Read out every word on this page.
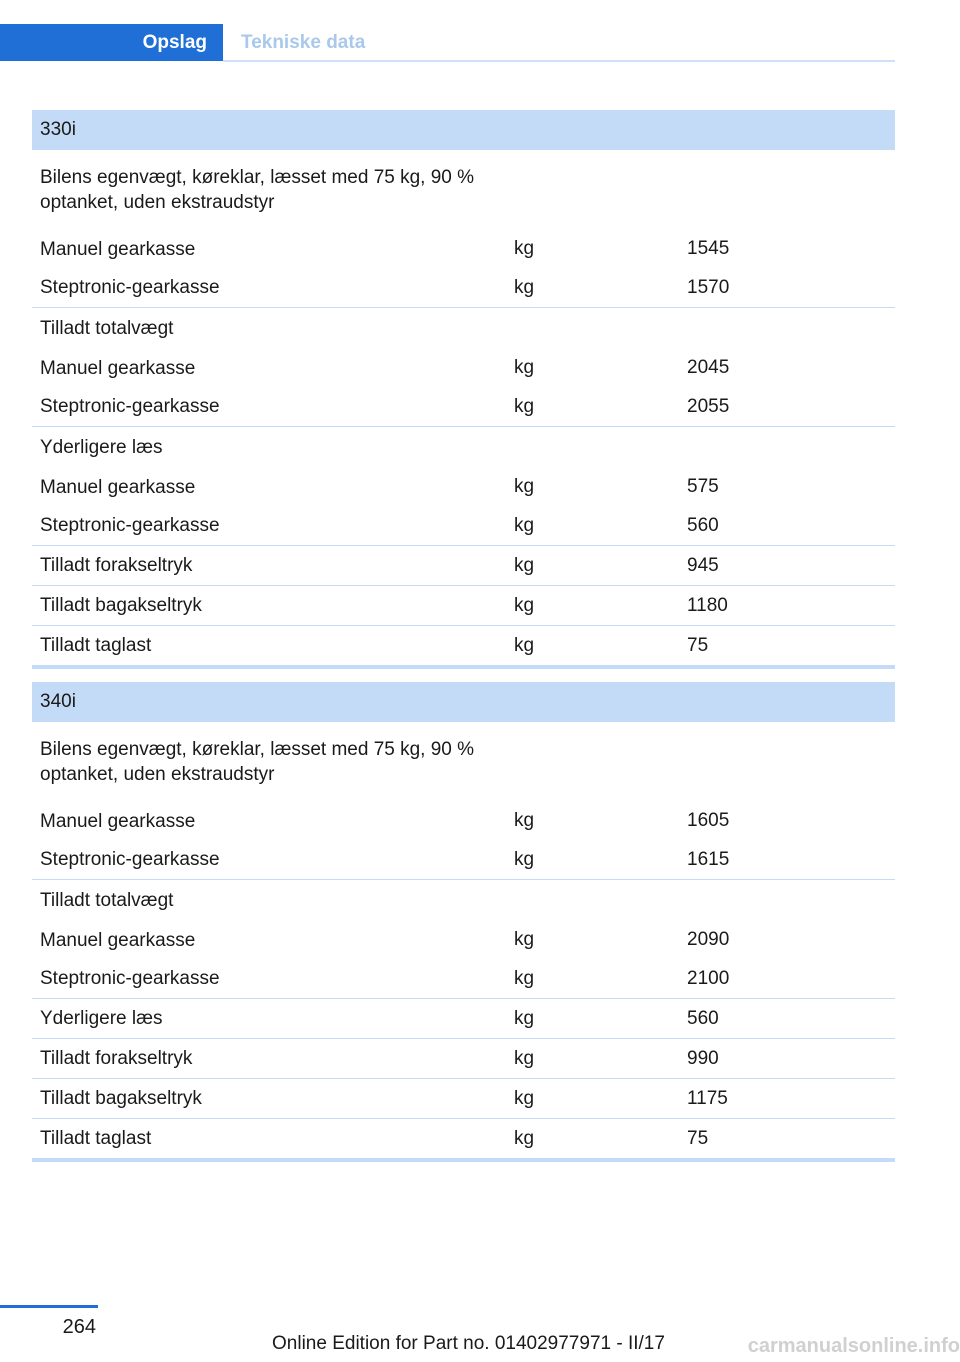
Opslag	Tekniske data
330i
Bilens egenvægt, køreklar, læsset med 75 kg, 90 % optanket, uden ekstraudstyr
Manuel gearkasse	kg	1545
Steptronic-gearkasse	kg	1570
Tilladt totalvægt
Manuel gearkasse	kg	2045
Steptronic-gearkasse	kg	2055
Yderligere læs
Manuel gearkasse	kg	575
Steptronic-gearkasse	kg	560
Tilladt forakseltryk	kg	945
Tilladt bagakseltryk	kg	1180
Tilladt taglast	kg	75
340i
Bilens egenvægt, køreklar, læsset med 75 kg, 90 % optanket, uden ekstraudstyr
Manuel gearkasse	kg	1605
Steptronic-gearkasse	kg	1615
Tilladt totalvægt
Manuel gearkasse	kg	2090
Steptronic-gearkasse	kg	2100
Yderligere læs	kg	560
Tilladt forakseltryk	kg	990
Tilladt bagakseltryk	kg	1175
Tilladt taglast	kg	75
264
Online Edition for Part no. 01402977971 - II/17	carmanualsonline.info
